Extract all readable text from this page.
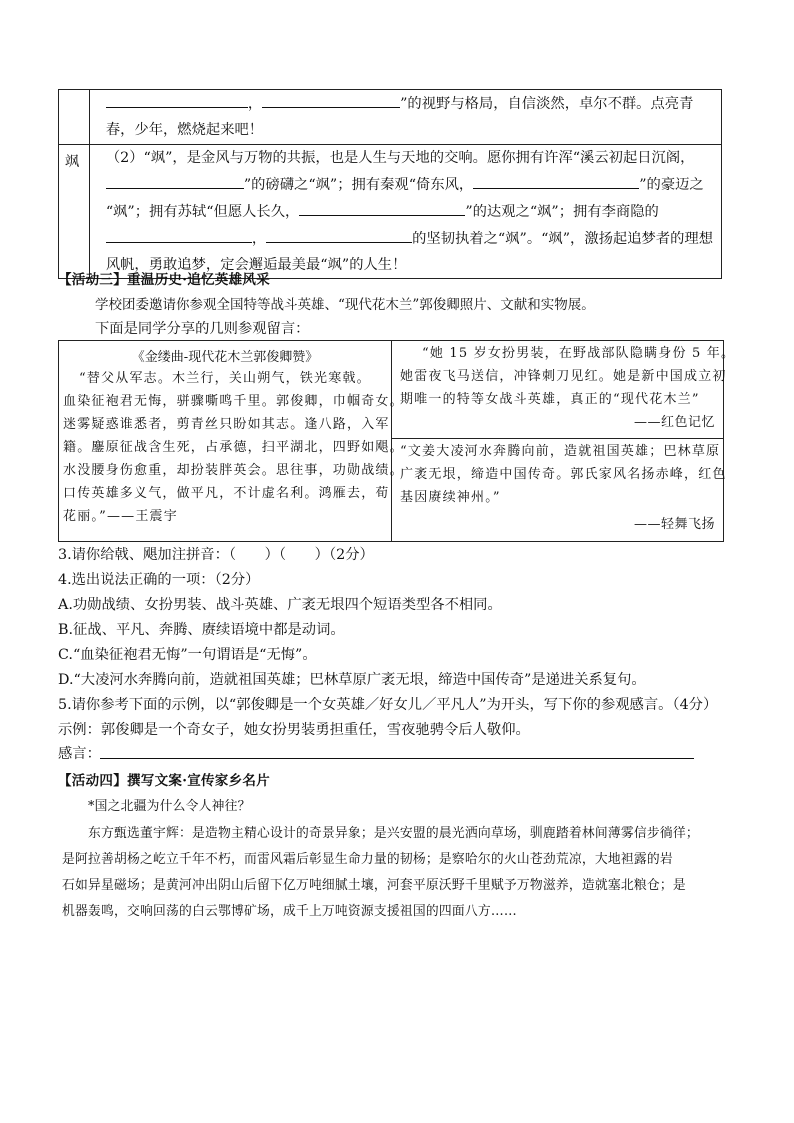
	， ”的视野与格局，自信淡然，卓尔不群。点亮青
春，少年，燃烧起来吧！

飒	（2）“飒”，是金风与万物的共振，也是人生与天地的交响。愿你拥有许浑“溪云初起日沉阁，
”的磅礴之“飒”；拥有秦观“倚东风， ”的豪迈之
“飒”；拥有苏轼“但愿人长久， ”的达观之“飒”；拥有李商隐的
， 的坚韧执着之“飒”。“飒”，激扬起追梦者的理想
风帆，勇敢追梦，定会邂逅最美最“飒”的人生！
【活动三】重温历史·追忆英雄风采
学校团委邀请你参观全国特等战斗英雄、“现代花木兰”郭俊卿照片、文献和实物展。
下面是同学分享的几则参观留言：
《金缕曲-现代花木兰郭俊卿赞》
“替父从军志。木兰行，关山朔气，铁光寒戟。
血染征袍君无悔，骈骤嘶鸣千里。郭俊卿，巾帼奇女。
迷雾疑惑谁悉者，剪青丝只盼如其志。逢八路，入军
籍。鏖原征战含生死，占承德，扫平湖北，四野如飓。
水没腰身伤愈重，却扮装胖英会。思往事，功勋战绩。
口传英雄多义气，做平凡，不计虚名利。鸿雁去，荀
花丽。”——王震宇
“她 15 岁女扮男装，在野战部队隐瞒身份 5 年。
她雷夜飞马送信，冲锋刺刀见红。她是新中国成立初
期唯一的特等女战斗英雄，真正的“现代花木兰”
——红色记忆
“文姜大凌河水奔腾向前，造就祖国英雄；巴林草原
广袤无垠，缔造中国传奇。郭氏家风名扬赤峰，红色
基因赓续神州。”
——轻舞飞扬
3.请你给戟、飓加注拼音：（　　）（　　）（2分）
4.选出说法正确的一项：（2分）
A.功勋战绩、女扮男装、战斗英雄、广袤无垠四个短语类型各不相同。
B.征战、平凡、奔腾、赓续语境中都是动词。
C.“血染征袍君无悔”一句谓语是“无悔”。
D.“大凌河水奔腾向前，造就祖国英雄；巴林草原广袤无垠，缔造中国传奇”是递进关系复句。
5.请你参考下面的示例，以“郭俊卿是一个女英雄／好女儿／平凡人”为开头，写下你的参观感言。（4分）
示例：郭俊卿是一个奇女子，她女扮男装勇担重任，雪夜驰骋令后人敬仰。
感言：
【活动四】撰写文案·宣传家乡名片
*国之北疆为什么令人神往？
东方甄选董宇辉：是造物主精心设计的奇景异象；是兴安盟的晨光洒向草场，驯鹿踏着林间薄雾信步徜徉；
是阿拉善胡杨之屹立千年不朽，而雷风霜后彰显生命力量的韧杨；是察哈尔的火山苍劲荒凉，大地袒露的岩
石如异星磁场；是黄河冲出阴山后留下亿万吨细腻土壤，河套平原沃野千里赋予万物滋养，造就塞北粮仓；是
机器轰鸣，交响回荡的白云鄂博矿场，成千上万吨资源支援祖国的四面八方……
